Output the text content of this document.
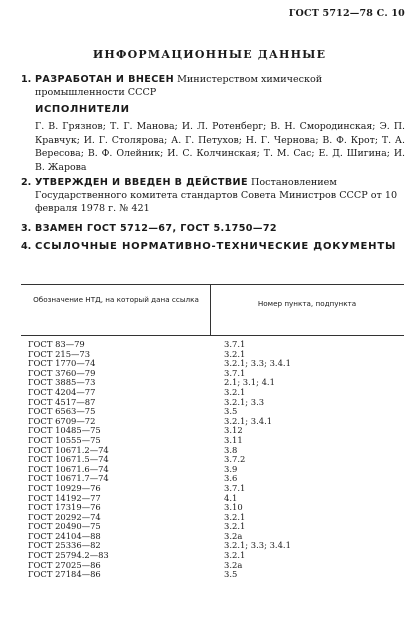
ГОСТ 5712—78 С. 10
ИНФОРМАЦИОННЫЕ ДАННЫЕ
1. РАЗРАБОТАН И ВНЕСЕН Министерством химической промышленности СССР
ИСПОЛНИТЕЛИ
Г. В. Грязнов; Т. Г. Манова; И. Л. Ротенберг; В. Н. Смородинская; Э. П. Кравчук; И. Г. Столярова; А. Г. Петухов; Н. Г. Чернова; В. Ф. Крот; Т. А. Вересова; В. Ф. Олейник; И. С. Колчинская; Т. М. Сас; Е. Д. Шигина; И. В. Жарова
2. УТВЕРЖДЕН И ВВЕДЕН В ДЕЙСТВИЕ Постановлением Государственного комитета стандартов Совета Министров СССР от 10 февраля 1978 г. № 421
3. ВЗАМЕН ГОСТ 5712—67, ГОСТ 5.1750—72
4. ССЫЛОЧНЫЕ НОРМАТИВНО-ТЕХНИЧЕСКИЕ ДОКУМЕНТЫ
Обозначение НТД, на который дана ссылка	Номер пункта, подпункта
ГОСТ 83—79	3.7.1
ГОСТ 215—73	3.2.1
ГОСТ 1770—74	3.2.1; 3.3; 3.4.1
ГОСТ 3760—79	3.7.1
ГОСТ 3885—73	2.1; 3.1; 4.1
ГОСТ 4204—77	3.2.1
ГОСТ 4517—87	3.2.1; 3.3
ГОСТ 6563—75	3.5
ГОСТ 6709—72	3.2.1; 3.4.1
ГОСТ 10485—75	3.12
ГОСТ 10555—75	3.11
ГОСТ 10671.2—74	3.8
ГОСТ 10671.5—74	3.7.2
ГОСТ 10671.6—74	3.9
ГОСТ 10671.7—74	3.6
ГОСТ 10929—76	3.7.1
ГОСТ 14192—77	4.1
ГОСТ 17319—76	3.10
ГОСТ 20292—74	3.2.1
ГОСТ 20490—75	3.2.1
ГОСТ 24104—88	3.2а
ГОСТ 25336—82	3.2.1; 3.3; 3.4.1
ГОСТ 25794.2—83	3.2.1
ГОСТ 27025—86	3.2а
ГОСТ 27184—86	3.5
